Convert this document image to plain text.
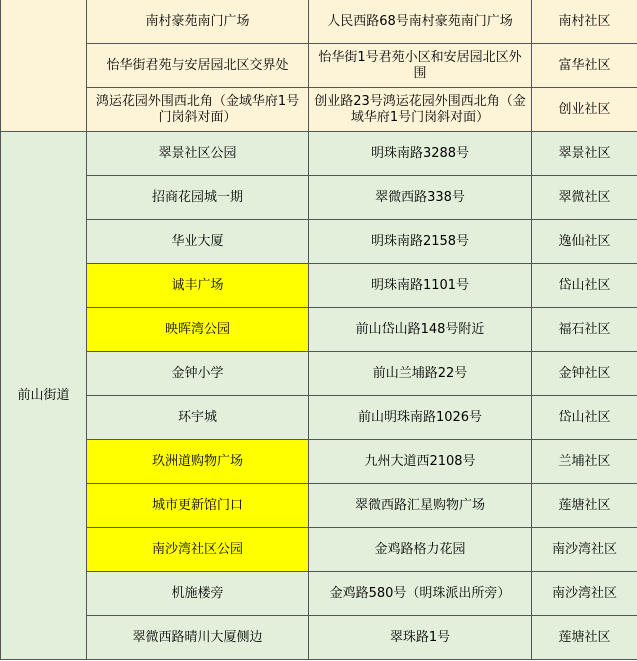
	南村豪苑南门广场	人民西路68号南村豪苑南门广场	南村社区
	怡华街君苑与安居园北区交界处	怡华街1号君苑小区和安居园北区外围	富华社区
	鸿运花园外围西北角（金域华府1号门岗斜对面）	创业路23号鸿运花园外围西北角（金域华府1号门岗斜对面）	创业社区
前山街道	翠景社区公园	明珠南路3288号	翠景社区
	招商花园城一期	翠微西路338号	翠微社区
	华业大厦	明珠南路2158号	逸仙社区
	诚丰广场	明珠南路1101号	岱山社区
	映晖湾公园	前山岱山路148号附近	福石社区
	金钟小学	前山兰埔路22号	金钟社区
	环宇城	前山明珠南路1026号	岱山社区
	玖洲道购物广场	九州大道西2108号	兰埔社区
	城市更新馆门口	翠微西路汇星购物广场	莲塘社区
	南沙湾社区公园	金鸡路格力花园	南沙湾社区
	机施楼旁	金鸡路580号（明珠派出所旁）	南沙湾社区
	翠微西路晴川大厦侧边	翠珠路1号	莲塘社区
